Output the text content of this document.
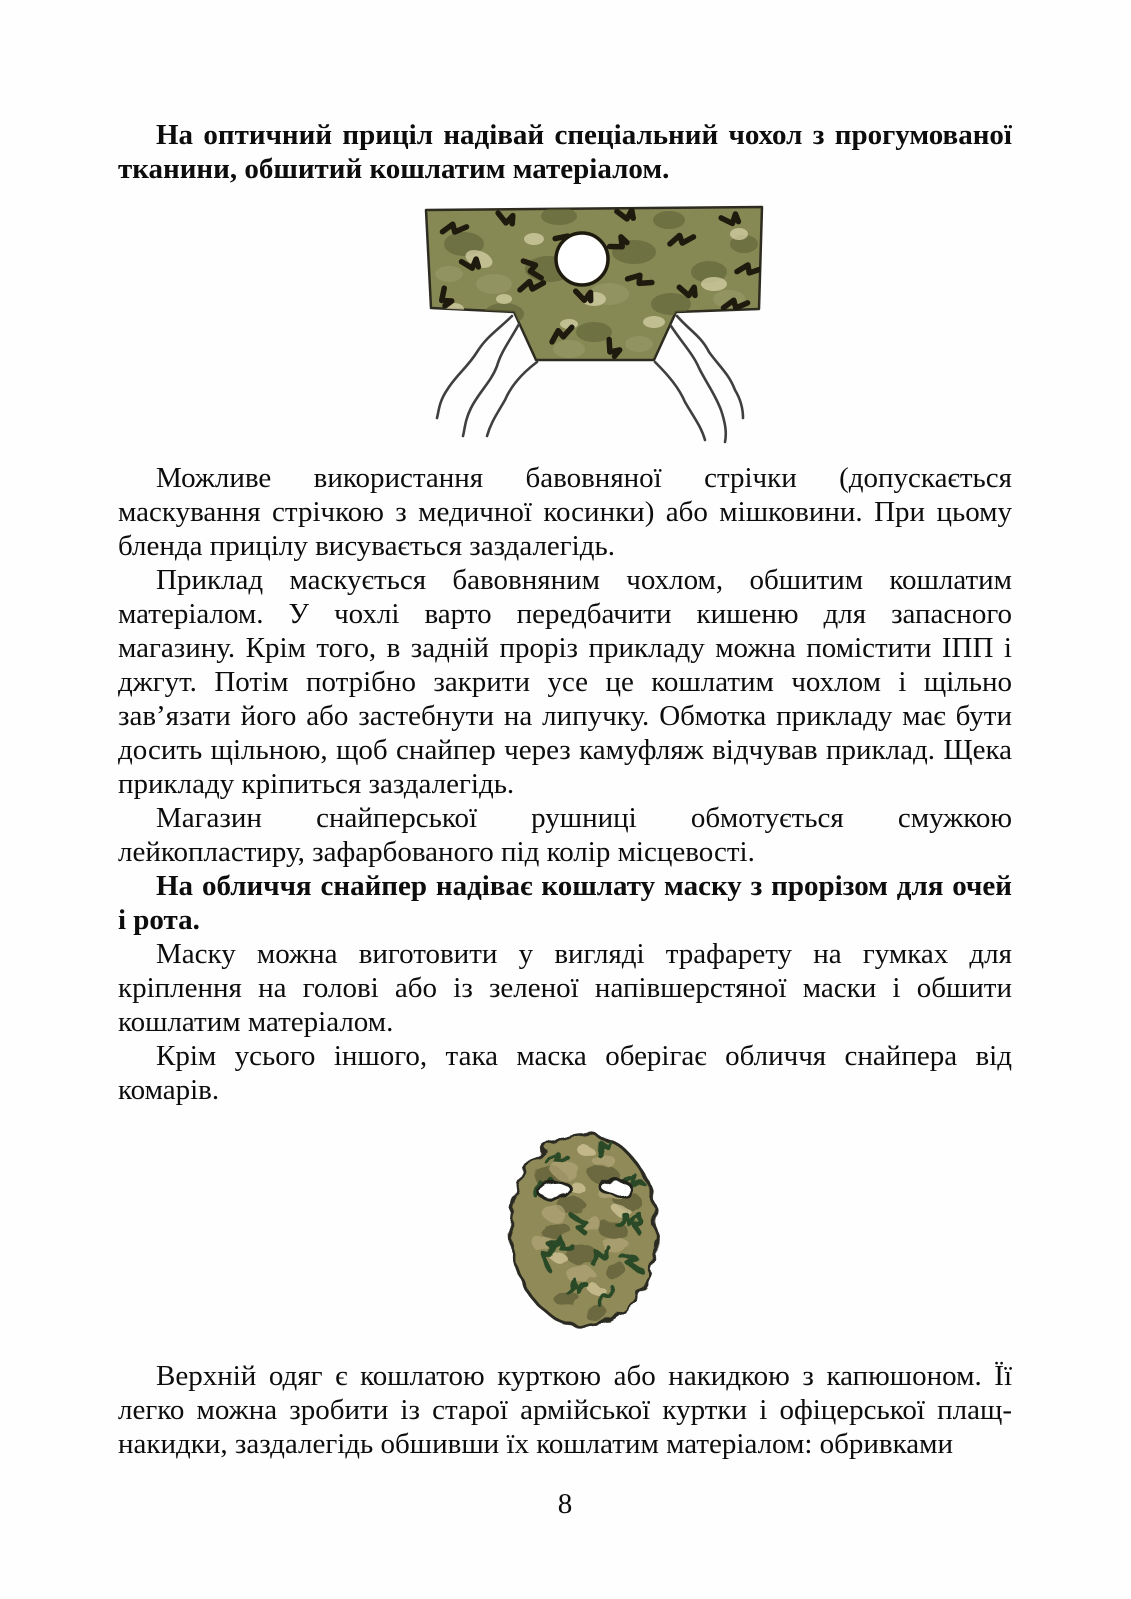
На оптичний приціл надівай спеціальний чохол з прогумованої тканини, обшитий кошлатим матеріалом.

Можливе використання бавовняної стрічки (допускається маскування стрічкою з медичної косинки) або мішковини. При цьому бленда прицілу висувається заздалегідь.

Приклад маскується бавовняним чохлом, обшитим кошлатим матеріалом. У чохлі варто передбачити кишеню для запасного магазину. Крім того, в задній проріз прикладу можна помістити ІПП і джгут. Потім потрібно закрити усе це кошлатим чохлом і щільно зав’язати його або застебнути на липучку. Обмотка прикладу має бути досить щільною, щоб снайпер через камуфляж відчував приклад. Щека прикладу кріпиться заздалегідь.

Магазин снайперської рушниці обмотується смужкою лейкопластиру, зафарбованого під колір місцевості.

На обличчя снайпер надіває кошлату маску з прорізом для очей і рота.

Маску можна виготовити у вигляді трафарету на гумках для кріплення на голові або із зеленої напівшерстяної маски і обшити кошлатим матеріалом.

Крім усього іншого, така маска оберігає обличчя снайпера від комарів.

Верхній одяг є кошлатою курткою або накидкою з капюшоном. Її легко можна зробити із старої армійської куртки і офіцерської плащ-накидки, заздалегідь обшивши їх кошлатим матеріалом: обривками

8
